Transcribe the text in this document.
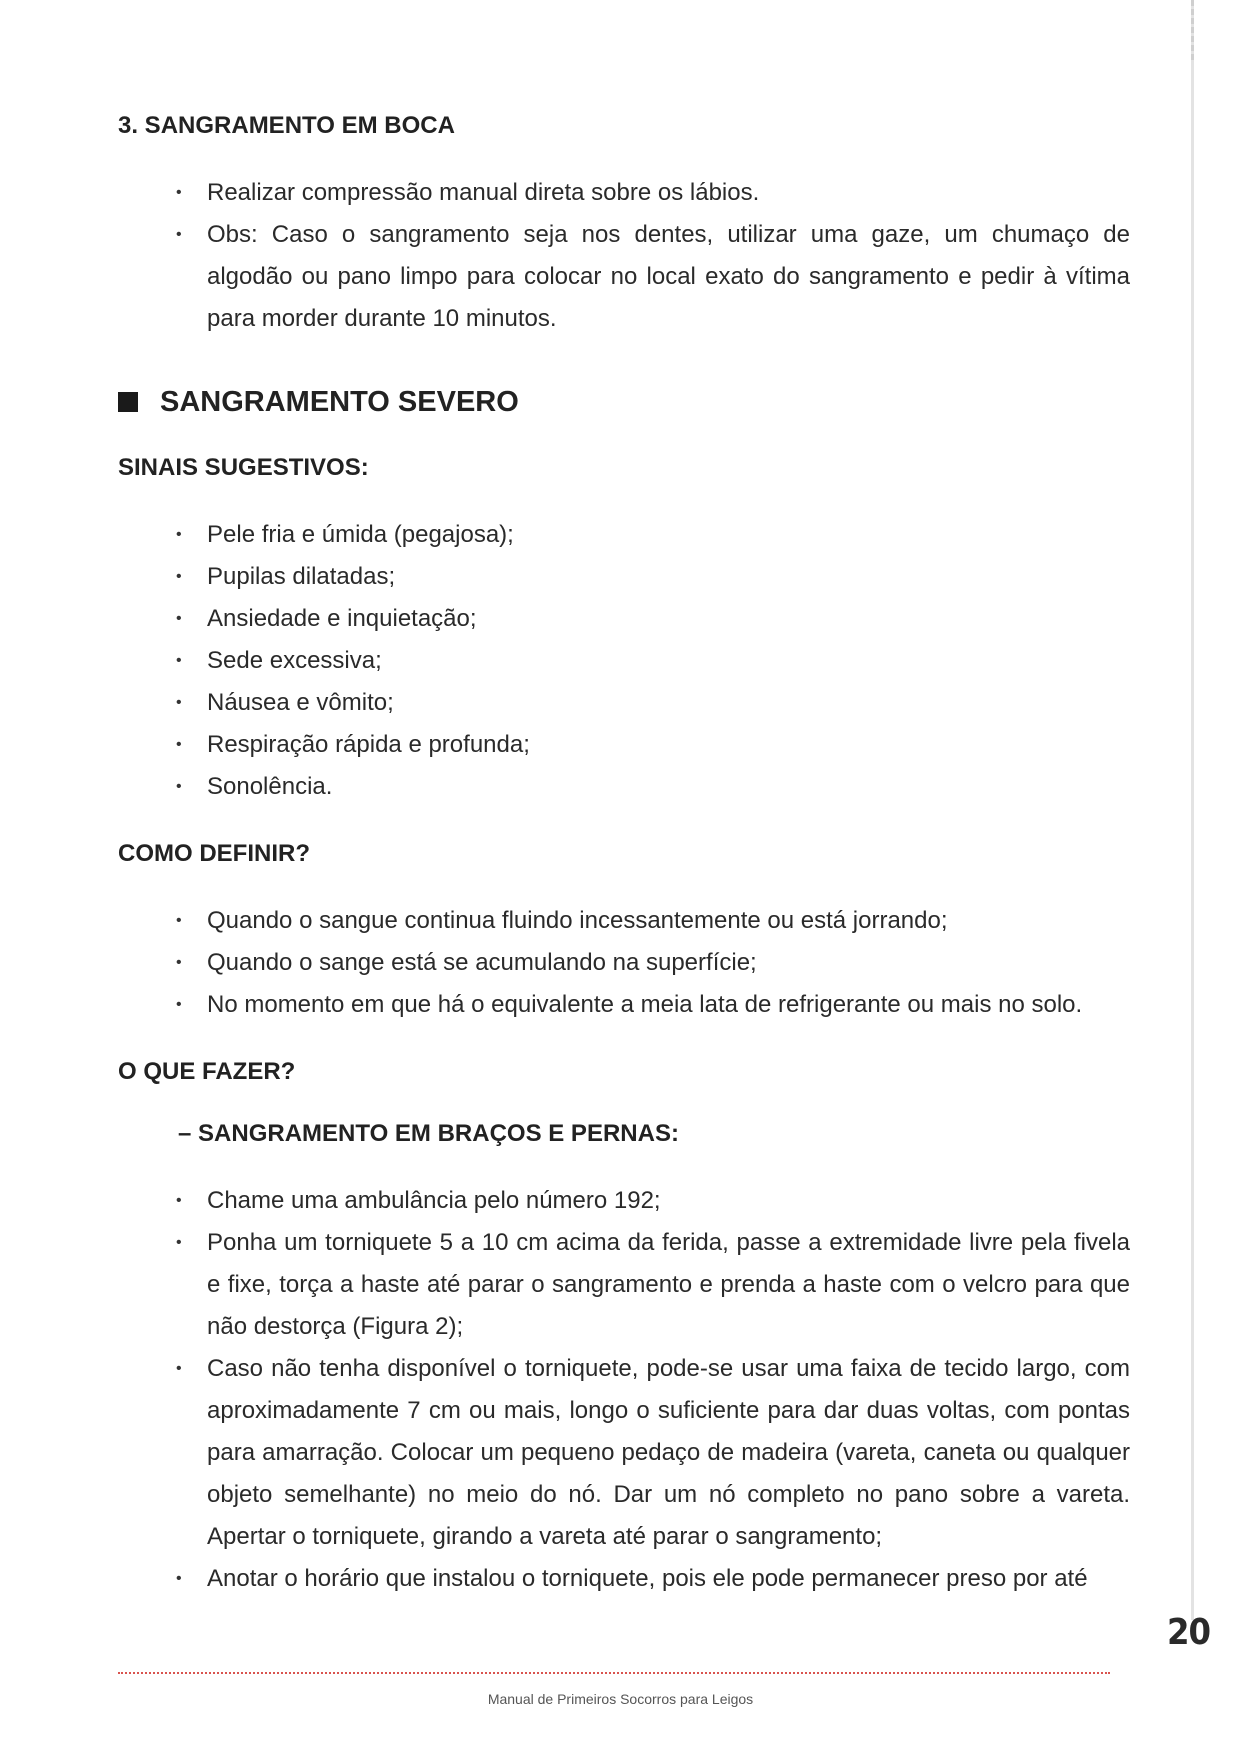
3. SANGRAMENTO EM BOCA
• Realizar compressão manual direta sobre os lábios.
• Obs: Caso o sangramento seja nos dentes, utilizar uma gaze, um chumaço de algodão ou pano limpo para colocar no local exato do sangramento e pedir à vítima para morder durante 10 minutos.
SANGRAMENTO SEVERO
SINAIS SUGESTIVOS:
• Pele fria e úmida (pegajosa);
• Pupilas dilatadas;
• Ansiedade e inquietação;
• Sede excessiva;
• Náusea e vômito;
• Respiração rápida e profunda;
• Sonolência.
COMO DEFINIR?
• Quando o sangue continua fluindo incessantemente ou está jorrando;
• Quando o sange está se acumulando na superfície;
• No momento em que há o equivalente a meia lata de refrigerante ou mais no solo.
O QUE FAZER?

– SANGRAMENTO EM BRAÇOS E PERNAS:

• Chame uma ambulância pelo número 192;
• Ponha um torniquete 5 a 10 cm acima da ferida, passe a extremidade livre pela fivela e fixe, torça a haste até parar o sangramento e prenda a haste com o velcro para que não destorça (Figura 2);
• Caso não tenha disponível o torniquete, pode-se usar uma faixa de tecido largo, com aproximadamente 7 cm ou mais, longo o suficiente para dar duas voltas, com pontas para amarração. Colocar um pequeno pedaço de madeira (vareta, caneta ou qualquer objeto semelhante) no meio do nó. Dar um nó completo no pano sobre a vareta. Apertar o torniquete, girando a vareta até parar o sangramento;
• Anotar o horário que instalou o torniquete, pois ele pode permanecer preso por até
20
Manual de Primeiros Socorros para Leigos
